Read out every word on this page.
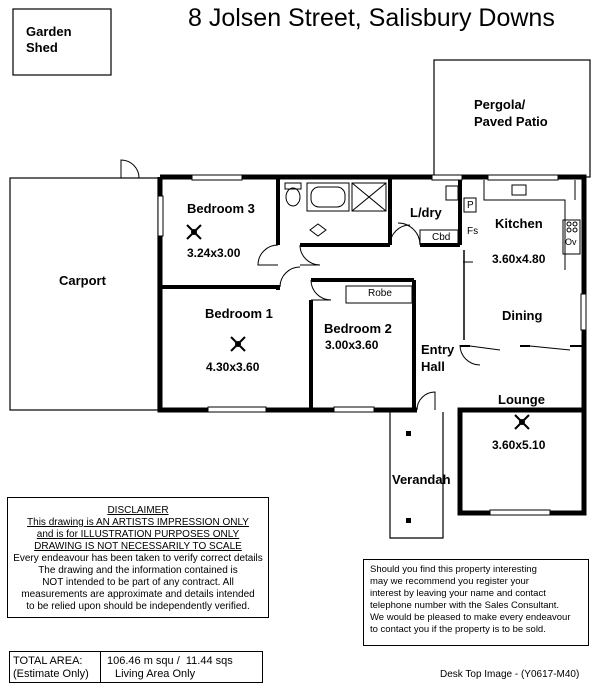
8 Jolsen Street, Salisbury Downs
Garden
Shed
Pergola/
Paved Patio
Carport
Verandah
Bedroom 3
3.24x3.00
Bedroom 1
4.30x3.60
Bedroom 2
3.00x3.60
Kitchen
3.60x4.80
Dining
Lounge
3.60x5.10
L/dry
Entry
Hall
Robe
Cbd
P
Fs
Ov
DISCLAIMER
This drawing is AN ARTISTS IMPRESSION ONLY
and is for ILLUSTRATION PURPOSES ONLY
DRAWING IS NOT NECESSARILY TO SCALE
Every endeavour has been taken to verify correct details
The drawing and the information contained is
NOT intended to be part of any contract. All
measurements are approximate and details intended
to be relied upon should be independently verified.
Should you find this property interesting
may we recommend you register your
interest by leaving your name and contact
telephone number with the Sales Consultant.
We would be pleased to make every endeavour
to contact you if the property is to be sold.
TOTAL AREA:
(Estimate Only)
106.46 m squ /  11.44 sqs
Living Area Only	Desk Top Image - (Y0617-M40)
